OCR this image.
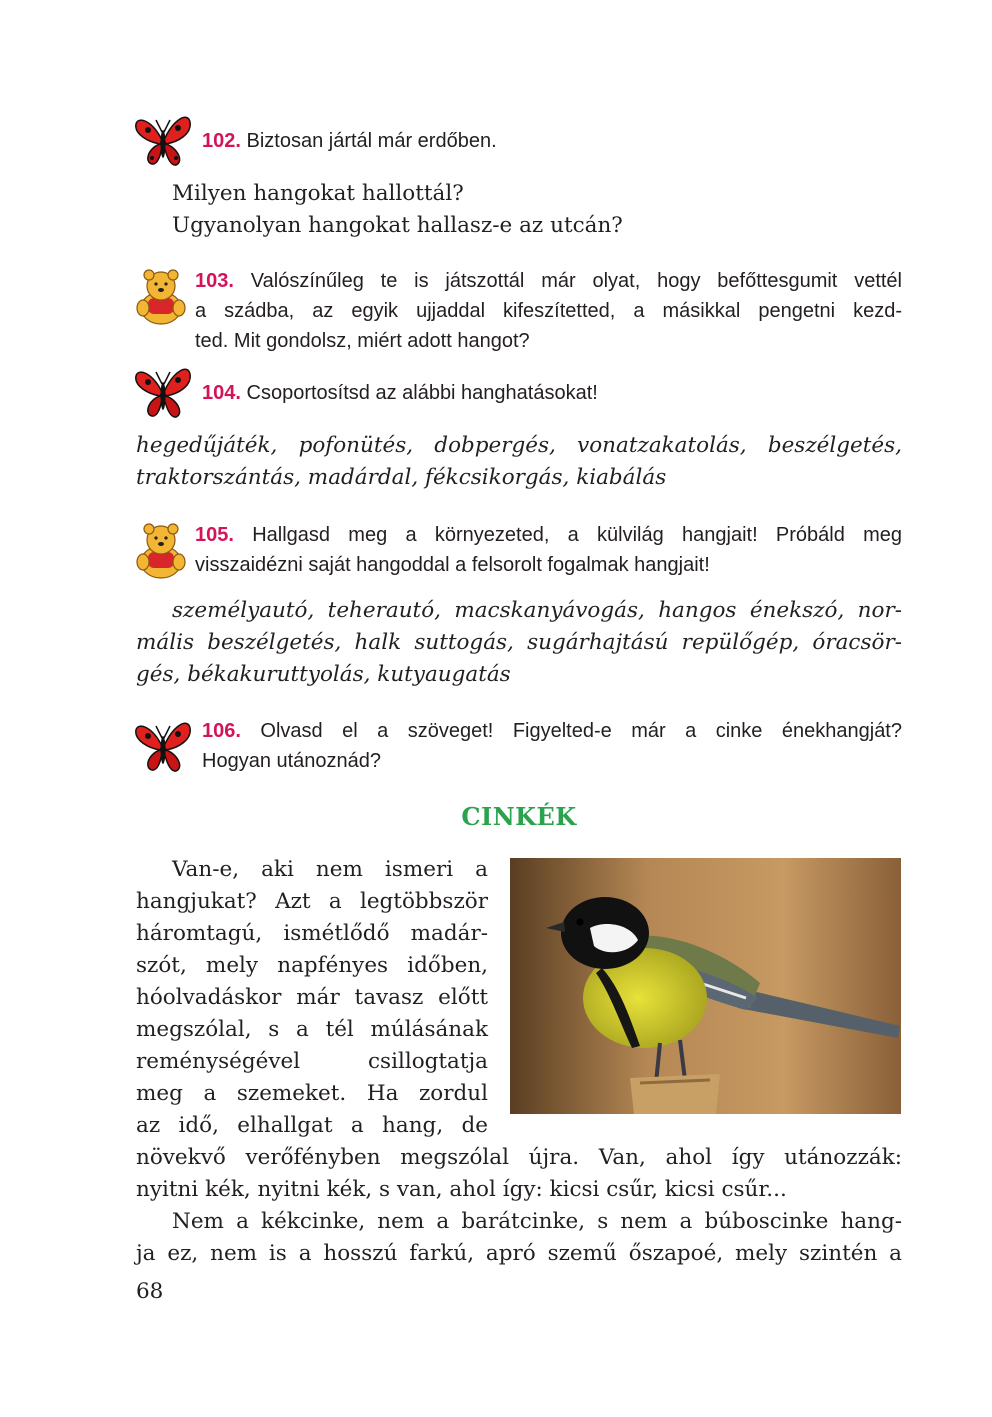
102. Biztosan jártál már erdőben.
Milyen hangokat hallottál?
Ugyanolyan hangokat hallasz-e az utcán?
103. Valószínűleg te is játszottál már olyat, hogy befőttesgumit vettél
a szádba, az egyik ujjaddal kifeszítetted, a másikkal pengetni kezd-
ted. Mit gondolsz, miért adott hangot?
104. Csoportosítsd az alábbi hanghatásokat!
hegedűjáték, pofonütés, dobpergés, vonatzakatolás, beszélgetés,
traktorszántás, madárdal, fékcsikorgás, kiabálás
105. Hallgasd meg a környezeted, a külvilág hangjait! Próbáld meg
visszaidézni saját hangoddal a felsorolt fogalmak hangjait!
személyautó, teherautó, macskanyávogás, hangos énekszó, nor-
mális beszélgetés, halk suttogás, sugárhajtású repülőgép, óracsör-
gés, békakuruttyolás, kutyaugatás
106. Olvasd el a szöveget! Figyelted-e már a cinke énekhangját?
Hogyan utánoznád?
CINKÉK
Van-e, aki nem ismeri a
hangjukat? Azt a legtöbbször
háromtagú, ismétlődő madár-
szót, mely napfényes időben,
hóolvadáskor már tavasz előtt
megszólal, s a tél múlásának
reménységével csillogtatja
meg a szemeket. Ha zordul
az idő, elhallgat a hang, de
növekvő verőfényben megszólal újra. Van, ahol így utánozzák:
nyitni kék, nyitni kék, s van, ahol így: kicsi csűr, kicsi csűr...
Nem a kékcinke, nem a barátcinke, s nem a búboscinke hang-
ja ez, nem is a hosszú farkú, apró szemű őszapoé, mely szintén a
68
